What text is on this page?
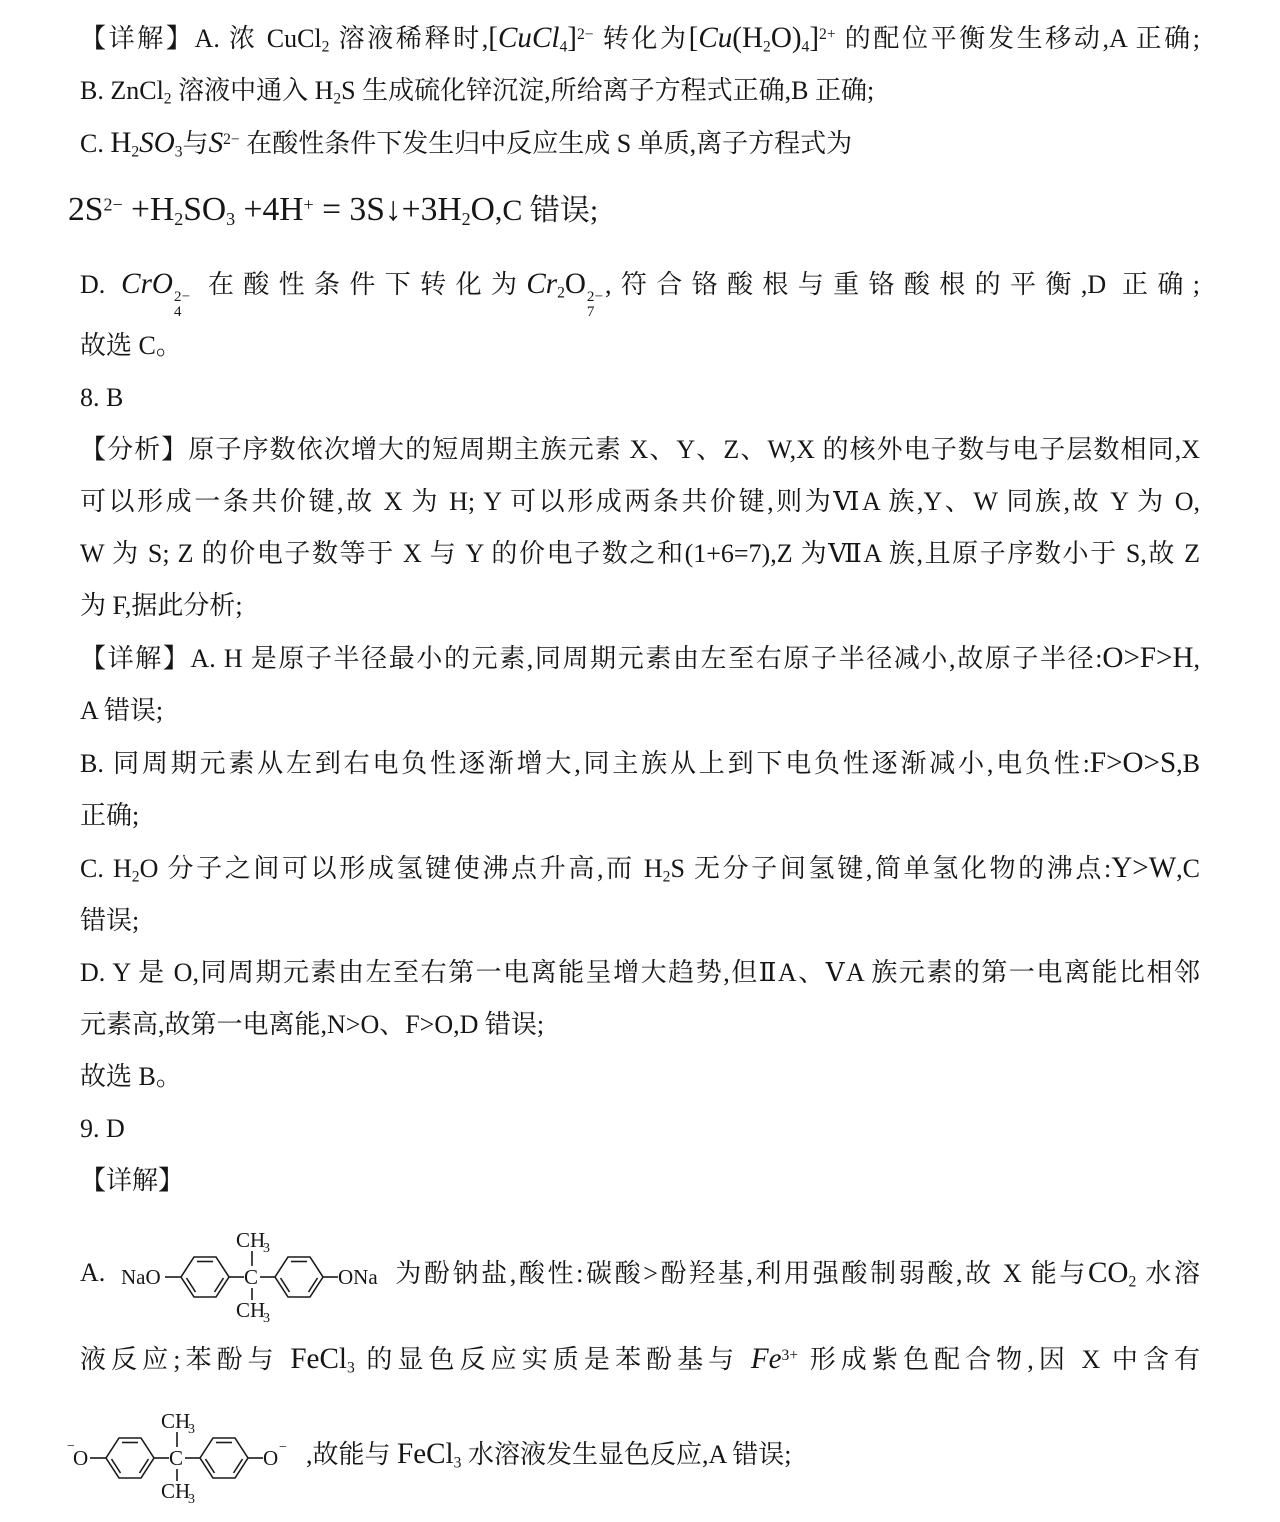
【详解】A. 浓 CuCl$_2$ 溶液稀释时,[CuCl$_4$]$^{2-}$ 转化为$[Cu(H_2O)_4]^{2+}$ 的配位平衡发生移动,A 正确;
B. ZnCl$_2$ 溶液中通入 $H_2S$ 生成硫化锌沉淀,所给离子方程式正确,B 正确;
C. $H_2SO_3$与$S^{2-}$ 在酸性条件下发生归中反应生成 S 单质,离子方程式为
$2S^{2-} +H_2SO_3 +4H^+$ = $3S↓+3H_2O,C$ 错误;
D. CrO 2−
4
在酸性条件下转化为$Cr_2O$ 2−
7
,符合铬酸根与重铬酸根的平衡,D 正确;
故选 C。
8. B
【分析】原子序数依次增大的短周期主族元素 X、Y、Z、W,X 的核外电子数与电子层数相同,X
可以形成一条共价键,故 X 为 H; Y 可以形成两条共价键,则为ⅥA 族,Y、W 同族,故 Y 为 O,
W 为 S; Z 的价电子数等于 X 与 Y 的价电子数之和(1+6=7),Z 为ⅦA 族,且原子序数小于 S,故 Z
为 F,据此分析;
【详解】A. H 是原子半径最小的元素,同周期元素由左至右原子半径减小,故原子半径:O>F>H,
A 错误;
B. 同周期元素从左到右电负性逐渐增大,同主族从上到下电负性逐渐减小,电负性:F>O>S,B
正确;
C. $H_2O$ 分子之间可以形成氢键使沸点升高,而 $H_2S$ 无分子间氢键,简单氢化物的沸点:Y>W,C
错误;
D. Y 是 O,同周期元素由左至右第一电离能呈增大趋势,但ⅡA、ⅤA 族元素的第一电离能比相邻
元素高,故第一电离能,N>O、F>O,D 错误;
故选 B。
9. D
【详解】
A. NaO	C
CH
3
CH
3
ONa 为酚钠盐,酸性:碳酸>酚羟基,利用强酸制弱酸,故 X 能与$CO_2$ 水溶
液反应;苯酚与 FeCl$_3$ 的显色反应实质是苯酚基与 $Fe^{3+}$ 形成紫色配合物,因 X 中含有
−
O	C
CH
3
CH
3
O − ,故能与 FeCl$_3$ 水溶液发生显色反应,A 错误;
